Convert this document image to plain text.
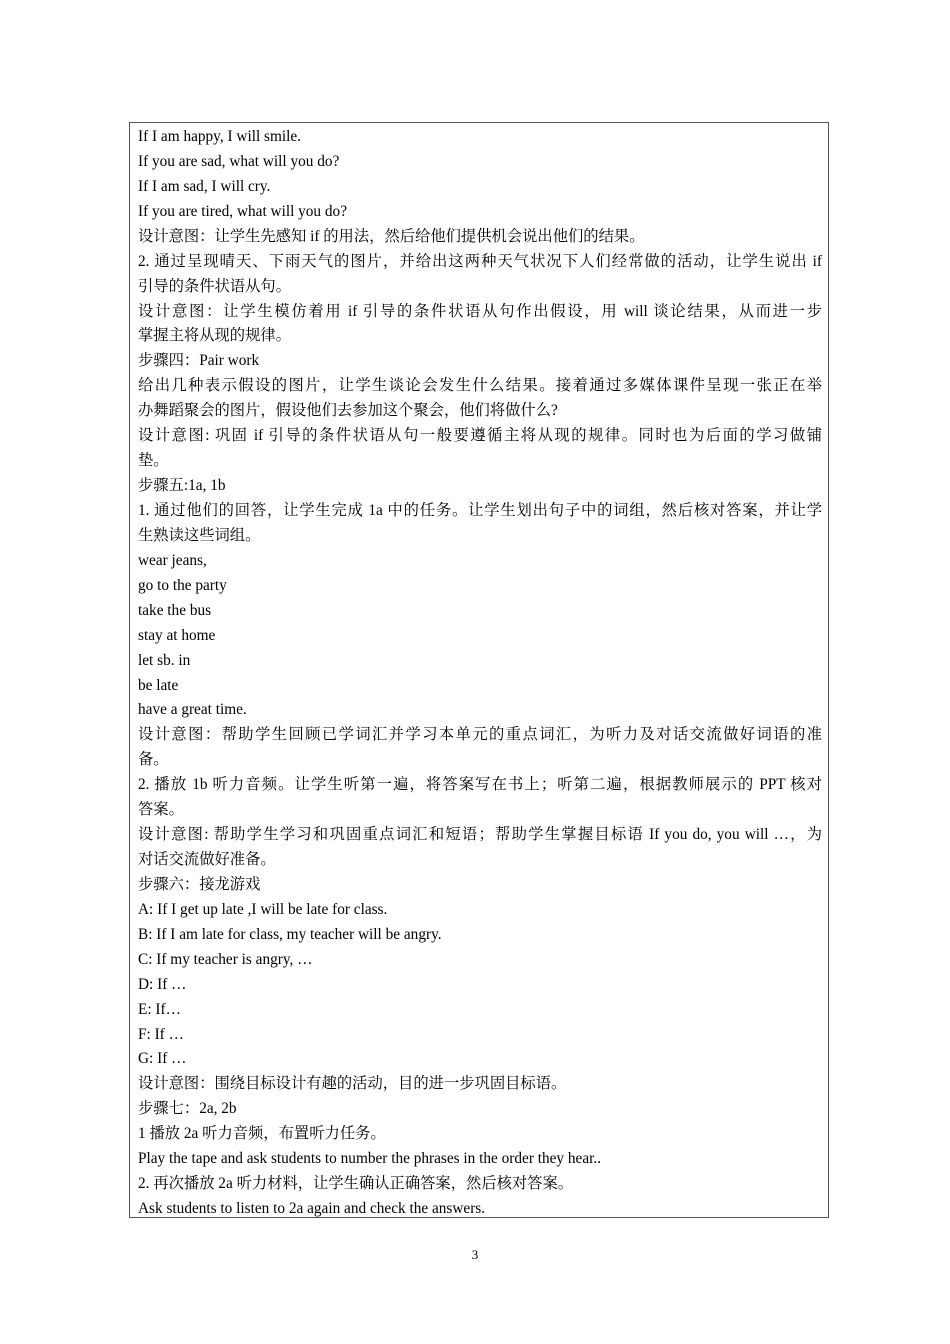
If I am happy, I will smile.
If you are sad, what will you do?
If I am sad, I will cry.
If you are tired, what will you do?
设计意图：让学生先感知 if 的用法，然后给他们提供机会说出他们的结果。
2. 通过呈现晴天、下雨天气的图片，并给出这两种天气状况下人们经常做的活动，让学生说出 if
引导的条件状语从句。
设计意图：让学生模仿着用 if 引导的条件状语从句作出假设，用 will 谈论结果，从而进一步
掌握主将从现的规律。
步骤四：Pair work
给出几种表示假设的图片，让学生谈论会发生什么结果。接着通过多媒体课件呈现一张正在举
办舞蹈聚会的图片，假设他们去参加这个聚会，他们将做什么?
设计意图: 巩固 if 引导的条件状语从句一般要遵循主将从现的规律。同时也为后面的学习做铺
垫。
步骤五:1a, 1b
1. 通过他们的回答，让学生完成 1a 中的任务。让学生划出句子中的词组，然后核对答案，并让学
生熟读这些词组。
wear jeans,
go to the party
take the bus
stay at home
let sb. in
be late
have a great time.
设计意图：帮助学生回顾已学词汇并学习本单元的重点词汇，为听力及对话交流做好词语的准
备。
2. 播放 1b 听力音频。让学生听第一遍，将答案写在书上；听第二遍，根据教师展示的 PPT 核对
答案。
设计意图: 帮助学生学习和巩固重点词汇和短语；帮助学生掌握目标语 If you do, you will …，为
对话交流做好准备。
步骤六：接龙游戏
A: If I get up late ,I will be late for class.
B: If I am late for class, my teacher will be angry.
C: If my teacher is angry, …
D: If …
E: If…
F: If …
G: If …
设计意图：围绕目标设计有趣的活动，目的进一步巩固目标语。
步骤七：2a, 2b
1 播放 2a 听力音频，布置听力任务。
Play the tape and ask students to number the phrases in the order they hear..
2. 再次播放 2a 听力材料，让学生确认正确答案，然后核对答案。
Ask students to listen to 2a again and check the answers.
3
